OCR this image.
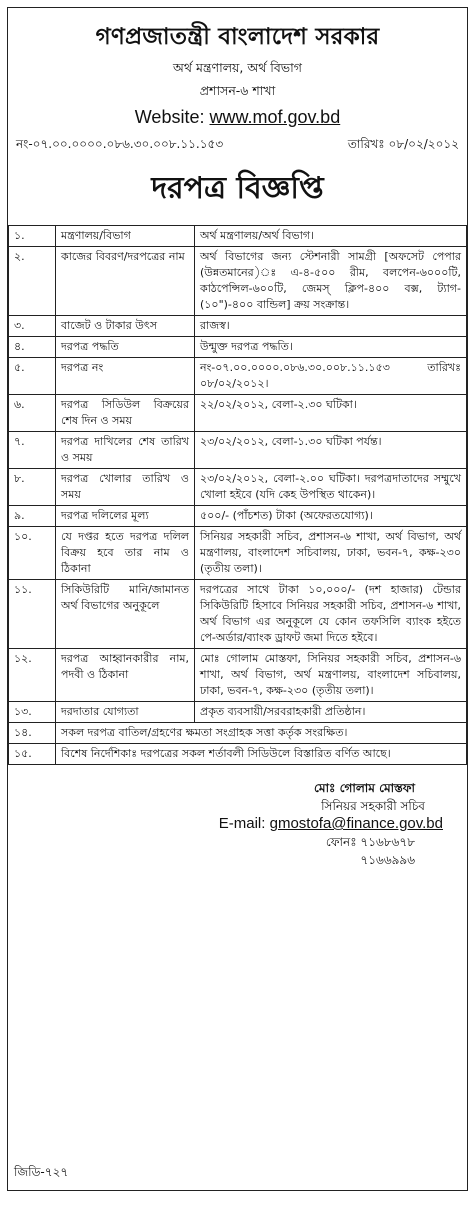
গণপ্রজাতন্ত্রী বাংলাদেশ সরকার
অর্থ মন্ত্রণালয়, অর্থ বিভাগ
প্রশাসন-৬ শাখা
Website: www.mof.gov.bd
নং-০৭.০০.০০০০.০৮৬.৩০.০০৮.১১.১৫৩	তারিখঃ ০৮/০২/২০১২
দরপত্র বিজ্ঞপ্তি
১.	মন্ত্রণালয়/বিভাগ	অর্থ মন্ত্রণালয়/অর্থ বিভাগ।
২.	কাজের বিবরণ/দরপত্রের নাম	অর্থ বিভাগের জন্য স্টেশনারী সামগ্রী [অফসেট পেপার (উন্নতমানের)ঃ এ-৪-৫০০ রীম, বলপেন-৬০০০টি, কাঠপেন্সিল-৬০০টি, জেমস্‌ ক্লিপ-৪০০ বক্স, ট্যাগ-(১০")-৪০০ বান্ডিল] ক্রয় সংক্রান্ত।
৩.	বাজেট ও টাকার উৎস	রাজস্ব।
৪.	দরপত্র পদ্ধতি	উন্মুক্ত দরপত্র পদ্ধতি।
৫.	দরপত্র নং	নং-০৭.০০.০০০০.০৮৬.৩০.০০৮.১১.১৫৩ তারিখঃ ০৮/০২/২০১২।
৬.	দরপত্র সিডিউল বিক্রয়ের শেষ দিন ও সময়	২২/০২/২০১২, বেলা-২.৩০ ঘটিকা।
৭.	দরপত্র দাখিলের শেষ তারিখ ও সময়	২৩/০২/২০১২, বেলা-১.৩০ ঘটিকা পর্যন্ত।
৮.	দরপত্র খোলার তারিখ ও সময়	২৩/০২/২০১২, বেলা-২.০০ ঘটিকা। দরপত্রদাতাদের সম্মুখে খোলা হইবে (যদি কেহ উপস্থিত থাকেন)।
৯.	দরপত্র দলিলের মূল্য	৫০০/- (পাঁচশত) টাকা (অফেরতযোগ্য)।
১০.	যে দপ্তর হতে দরপত্র দলিল বিক্রয় হবে তার নাম ও ঠিকানা	সিনিয়র সহকারী সচিব, প্রশাসন-৬ শাখা, অর্থ বিভাগ, অর্থ মন্ত্রণালয়, বাংলাদেশ সচিবালয়, ঢাকা, ভবন-৭, কক্ষ-২৩০ (তৃতীয় তলা)।
১১.	সিকিউরিটি মানি/জামানত অর্থ বিভাগের অনুকূলে	দরপত্রের সাথে টাকা ১০,০০০/- (দশ হাজার) টেন্ডার সিকিউরিটি হিসাবে সিনিয়র সহকারী সচিব, প্রশাসন-৬ শাখা, অর্থ বিভাগ এর অনুকূলে যে কোন তফসিলি ব্যাংক হইতে পে-অর্ডার/ব্যাংক ড্রাফট জমা দিতে হইবে।
১২.	দরপত্র আহ্বানকারীর নাম, পদবী ও ঠিকানা	মোঃ গোলাম মোস্তফা, সিনিয়র সহকারী সচিব, প্রশাসন-৬ শাখা, অর্থ বিভাগ, অর্থ মন্ত্রণালয়, বাংলাদেশ সচিবালয়, ঢাকা, ভবন-৭, কক্ষ-২৩০ (তৃতীয় তলা)।
১৩.	দরদাতার যোগ্যতা	প্রকৃত ব্যবসায়ী/সরবরাহকারী প্রতিষ্ঠান।
১৪.	সকল দরপত্র বাতিল/গ্রহণের ক্ষমতা সংগ্রাহক সত্তা কর্তৃক সংরক্ষিত।	
১৫.	বিশেষ নির্দেশিকাঃ দরপত্রের সকল শর্তাবলী সিডিউলে বিস্তারিত বর্ণিত আছে।	
মোঃ গোলাম মোস্তফা
সিনিয়র সহকারী সচিব
E-mail: gmostofa@finance.gov.bd
ফোনঃ ৭১৬৮৬৭৮
৭১৬৬৯৯৬
জিডি-৭২৭
